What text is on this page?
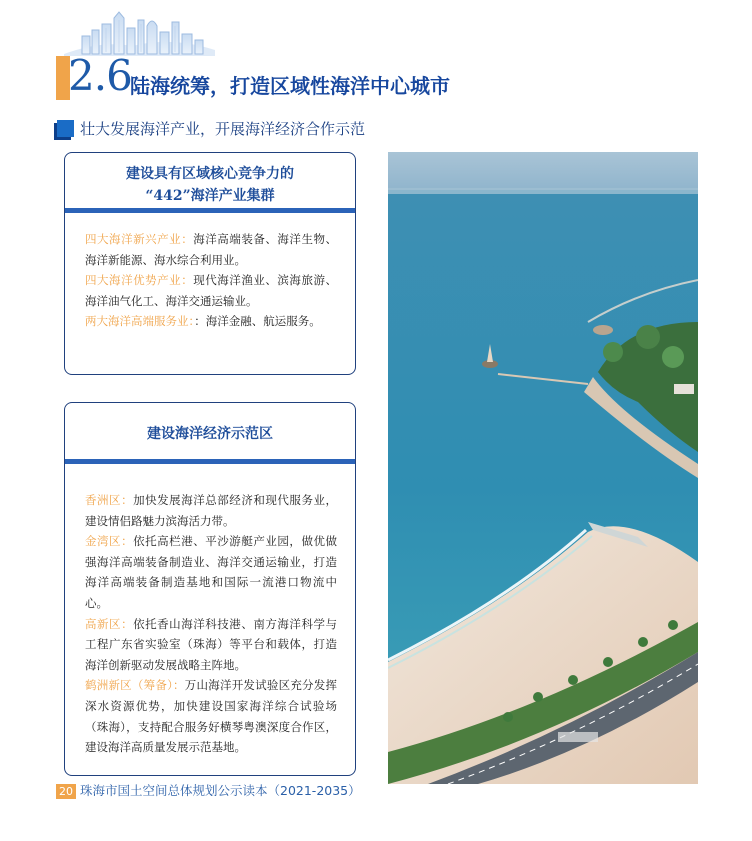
2.6
陆海统筹，打造区域性海洋中心城市
壮大发展海洋产业，开展海洋经济合作示范
建设具有区域核心竞争力的
“442”海洋产业集群

四大海洋新兴产业：海洋高端装备、海洋生物、海洋新能源、海水综合利用业。

四大海洋优势产业：现代海洋渔业、滨海旅游、海洋油气化工、海洋交通运输业。

两大海洋高端服务业：：海洋金融、航运服务。

建设海洋经济示范区

香洲区：加快发展海洋总部经济和现代服务业，建设情侣路魅力滨海活力带。

金湾区：依托高栏港、平沙游艇产业园，做优做强海洋高端装备制造业、海洋交通运输业，打造海洋高端装备制造基地和国际一流港口物流中心。

高新区：依托香山海洋科技港、南方海洋科学与工程广东省实验室（珠海）等平台和载体，打造海洋创新驱动发展战略主阵地。

鹤洲新区（筹备）：万山海洋开发试验区充分发挥深水资源优势，加快建设国家海洋综合试验场（珠海），支持配合服务好横琴粤澳深度合作区，建设海洋高质量发展示范基地。

20 珠海市国土空间总体规划公示读本（2021-2035）
